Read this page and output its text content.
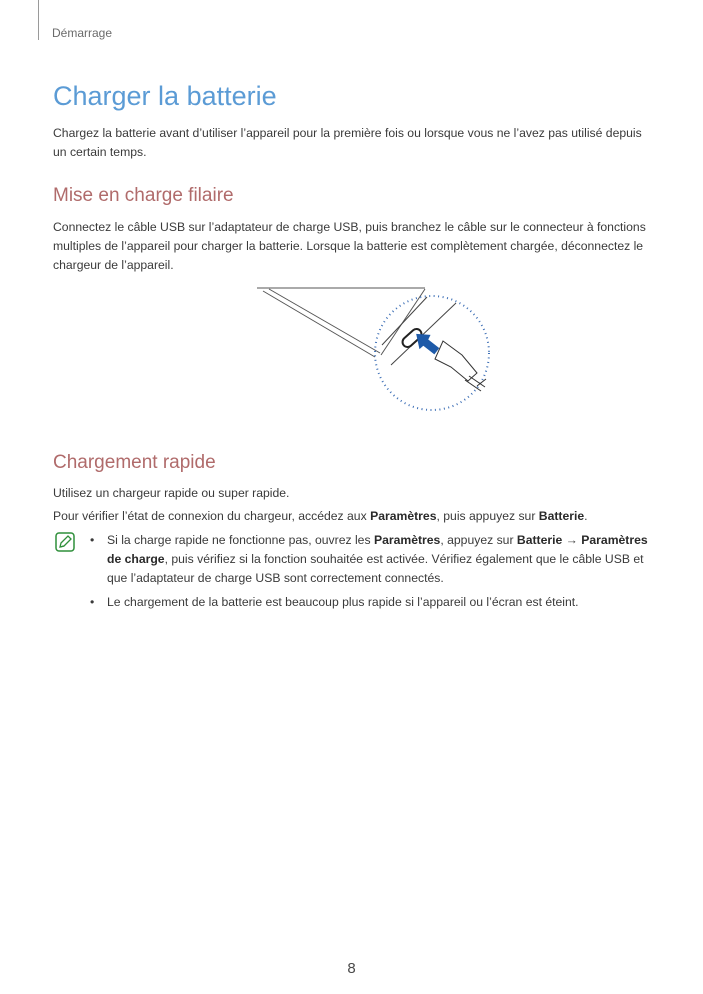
Démarrage
Charger la batterie

Chargez la batterie avant d’utiliser l’appareil pour la première fois ou lorsque vous ne l’avez pas utilisé depuis un certain temps.

Mise en charge filaire

Connectez le câble USB sur l’adaptateur de charge USB, puis branchez le câble sur le connecteur à fonctions multiples de l’appareil pour charger la batterie. Lorsque la batterie est complètement chargée, déconnectez le chargeur de l’appareil.

Chargement rapide

Utilisez un chargeur rapide ou super rapide.

Pour vérifier l’état de connexion du chargeur, accédez aux Paramètres, puis appuyez sur Batterie.

• Si la charge rapide ne fonctionne pas, ouvrez les Paramètres, appuyez sur Batterie → Paramètres de charge, puis vérifiez si la fonction souhaitée est activée. Vérifiez également que le câble USB et que l’adaptateur de charge USB sont correctement connectés.
• Le chargement de la batterie est beaucoup plus rapide si l’appareil ou l’écran est éteint.
8
